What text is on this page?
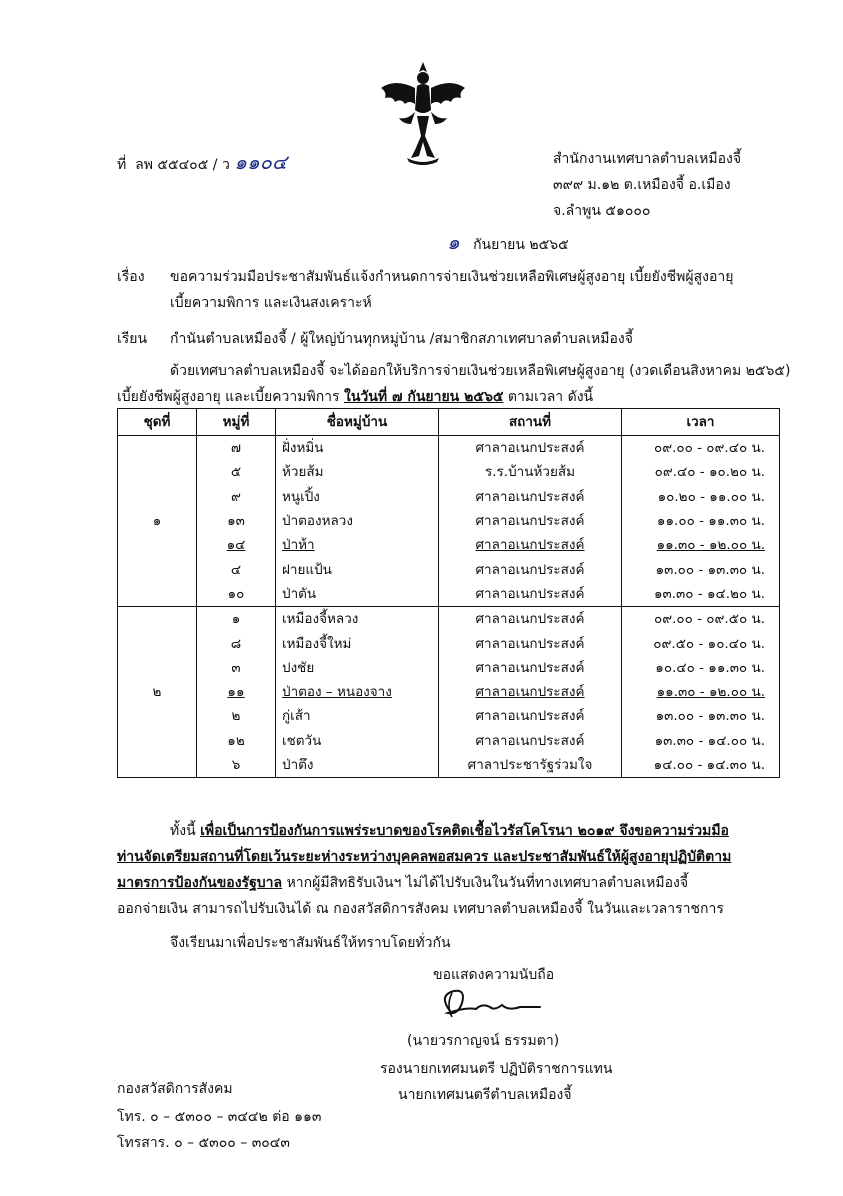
ที่ ลพ ๕๕๔๐๕ / ว ๑๑๐๔	สำนักงานเทศบาลตำบลเหมืองจี้
๓๙๙ ม.๑๒ ต.เหมืองจี้ อ.เมือง
จ.ลำพูน ๕๑๐๐๐
๑ กันยายน ๒๕๖๕
เรื่อง ขอความร่วมมือประชาสัมพันธ์แจ้งกำหนดการจ่ายเงินช่วยเหลือพิเศษผู้สูงอายุ เบี้ยยังชีพผู้สูงอายุ
เบี้ยความพิการ และเงินสงเคราะห์
เรียน กำนันตำบลเหมืองจี้ / ผู้ใหญ่บ้านทุกหมู่บ้าน /สมาชิกสภาเทศบาลตำบลเหมืองจี้
ด้วยเทศบาลตำบลเหมืองจี้ จะได้ออกให้บริการจ่ายเงินช่วยเหลือพิเศษผู้สูงอายุ (งวดเดือนสิงหาคม ๒๕๖๕)
เบี้ยยังชีพผู้สูงอายุ และเบี้ยความพิการ ในวันที่ ๗ กันยายน ๒๕๖๕ ตามเวลา ดังนี้
ชุดที่	หมู่ที่	ชื่อหมู่บ้าน	สถานที่	เวลา
๑	๗	ฝั่งหมิ่น	ศาลาอเนกประสงค์	๐๙.๐๐ - ๐๙.๔๐ น.
	๕	ห้วยส้ม	ร.ร.บ้านห้วยส้ม	๐๙.๔๐ - ๑๐.๒๐ น.
	๙	หนูเปิ้ง	ศาลาอเนกประสงค์	๑๐.๒๐ - ๑๑.๐๐ น.
	๑๓	ป่าตองหลวง	ศาลาอเนกประสงค์	๑๑.๐๐ - ๑๑.๓๐ น.
	๑๔	ป่าห้า	ศาลาอเนกประสงค์	๑๑.๓๐ - ๑๒.๐๐ น.
	๔	ฝายแป้น	ศาลาอเนกประสงค์	๑๓.๐๐ - ๑๓.๓๐ น.
	๑๐	ป่าตัน	ศาลาอเนกประสงค์	๑๓.๓๐ - ๑๔.๒๐ น.
๒	๑	เหมืองจี้หลวง	ศาลาอเนกประสงค์	๐๙.๐๐ - ๐๙.๕๐ น.
	๘	เหมืองจี้ใหม่	ศาลาอเนกประสงค์	๐๙.๕๐ - ๑๐.๔๐ น.
	๓	ปงชัย	ศาลาอเนกประสงค์	๑๐.๔๐ - ๑๑.๓๐ น.
	๑๑	ป่าตอง – หนองจาง	ศาลาอเนกประสงค์	๑๑.๓๐ - ๑๒.๐๐ น.
	๒	กู่เส้า	ศาลาอเนกประสงค์	๑๓.๐๐ - ๑๓.๓๐ น.
	๑๒	เชตวัน	ศาลาอเนกประสงค์	๑๓.๓๐ - ๑๔.๐๐ น.
	๖	ป่าตึง	ศาลาประชารัฐร่วมใจ	๑๔.๐๐ - ๑๔.๓๐ น.
ทั้งนี้ เพื่อเป็นการป้องกันการแพร่ระบาดของโรคติดเชื้อไวรัสโคโรนา ๒๐๑๙ จึงขอความร่วมมือ
ท่านจัดเตรียมสถานที่โดยเว้นระยะห่างระหว่างบุคคลพอสมควร และประชาสัมพันธ์ให้ผู้สูงอายุปฏิบัติตาม
มาตรการป้องกันของรัฐบาล หากผู้มีสิทธิรับเงินฯ ไม่ได้ไปรับเงินในวันที่ทางเทศบาลตำบลเหมืองจี้
ออกจ่ายเงิน สามารถไปรับเงินได้ ณ กองสวัสดิการสังคม เทศบาลตำบลเหมืองจี้ ในวันและเวลาราชการ
จึงเรียนมาเพื่อประชาสัมพันธ์ให้ทราบโดยทั่วกัน
ขอแสดงความนับถือ
(นายวรกาญจน์ ธรรมตา)
รองนายกเทศมนตรี ปฏิบัติราชการแทน
นายกเทศมนตรีตำบลเหมืองจี้
กองสวัสดิการสังคม
โทร. ๐ – ๕๓๐๐ – ๓๔๔๒ ต่อ ๑๑๓
โทรสาร. ๐ – ๕๓๐๐ – ๓๐๔๓
